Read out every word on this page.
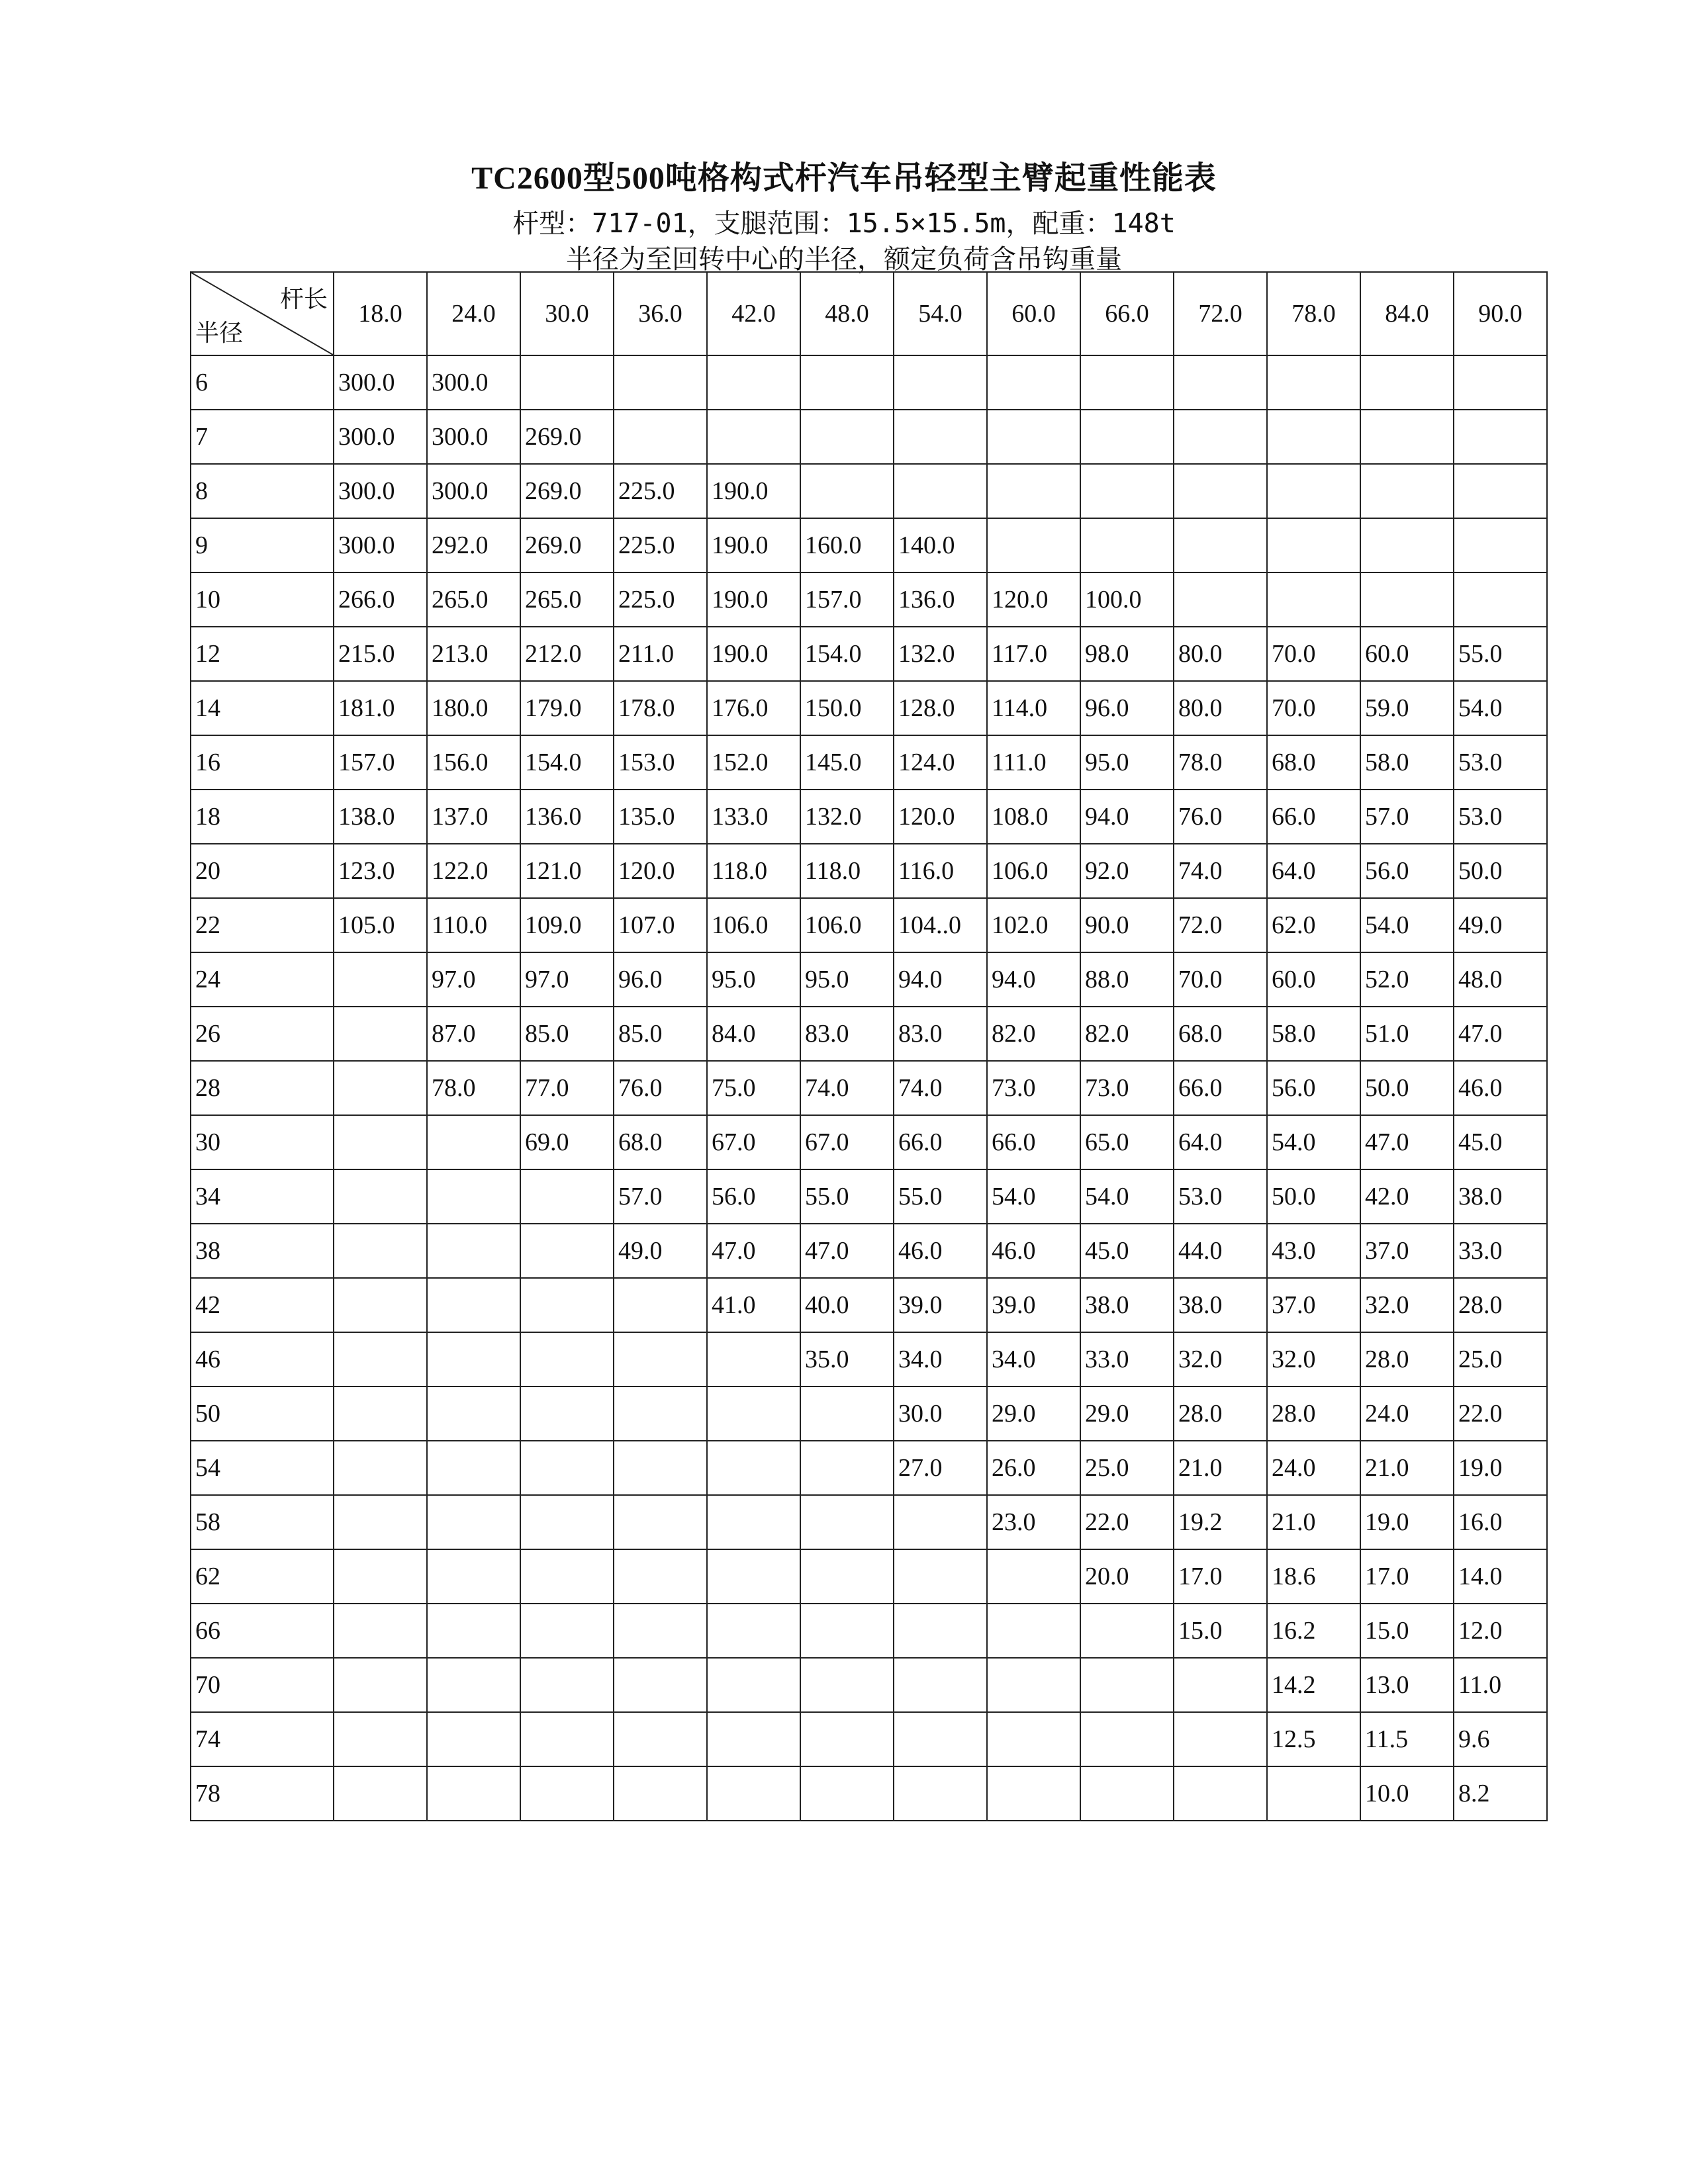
TC2600型500吨格构式杆汽车吊轻型主臂起重性能表
杆型：717-01，支腿范围：15.5×15.5m，配重：148t
半径为至回转中心的半径，额定负荷含吊钩重量
杆长
半径	18.0	24.0	30.0	36.0	42.0	48.0	54.0	60.0	66.0	72.0	78.0	84.0	90.0
6	300.0	300.0											
7	300.0	300.0	269.0										
8	300.0	300.0	269.0	225.0	190.0								
9	300.0	292.0	269.0	225.0	190.0	160.0	140.0						
10	266.0	265.0	265.0	225.0	190.0	157.0	136.0	120.0	100.0				
12	215.0	213.0	212.0	211.0	190.0	154.0	132.0	117.0	98.0	80.0	70.0	60.0	55.0
14	181.0	180.0	179.0	178.0	176.0	150.0	128.0	114.0	96.0	80.0	70.0	59.0	54.0
16	157.0	156.0	154.0	153.0	152.0	145.0	124.0	111.0	95.0	78.0	68.0	58.0	53.0
18	138.0	137.0	136.0	135.0	133.0	132.0	120.0	108.0	94.0	76.0	66.0	57.0	53.0
20	123.0	122.0	121.0	120.0	118.0	118.0	116.0	106.0	92.0	74.0	64.0	56.0	50.0
22	105.0	110.0	109.0	107.0	106.0	106.0	104..0	102.0	90.0	72.0	62.0	54.0	49.0
24		97.0	97.0	96.0	95.0	95.0	94.0	94.0	88.0	70.0	60.0	52.0	48.0
26		87.0	85.0	85.0	84.0	83.0	83.0	82.0	82.0	68.0	58.0	51.0	47.0
28		78.0	77.0	76.0	75.0	74.0	74.0	73.0	73.0	66.0	56.0	50.0	46.0
30			69.0	68.0	67.0	67.0	66.0	66.0	65.0	64.0	54.0	47.0	45.0
34				57.0	56.0	55.0	55.0	54.0	54.0	53.0	50.0	42.0	38.0
38				49.0	47.0	47.0	46.0	46.0	45.0	44.0	43.0	37.0	33.0
42					41.0	40.0	39.0	39.0	38.0	38.0	37.0	32.0	28.0
46						35.0	34.0	34.0	33.0	32.0	32.0	28.0	25.0
50							30.0	29.0	29.0	28.0	28.0	24.0	22.0
54							27.0	26.0	25.0	21.0	24.0	21.0	19.0
58								23.0	22.0	19.2	21.0	19.0	16.0
62									20.0	17.0	18.6	17.0	14.0
66										15.0	16.2	15.0	12.0
70											14.2	13.0	11.0
74											12.5	11.5	9.6
78												10.0	8.2
